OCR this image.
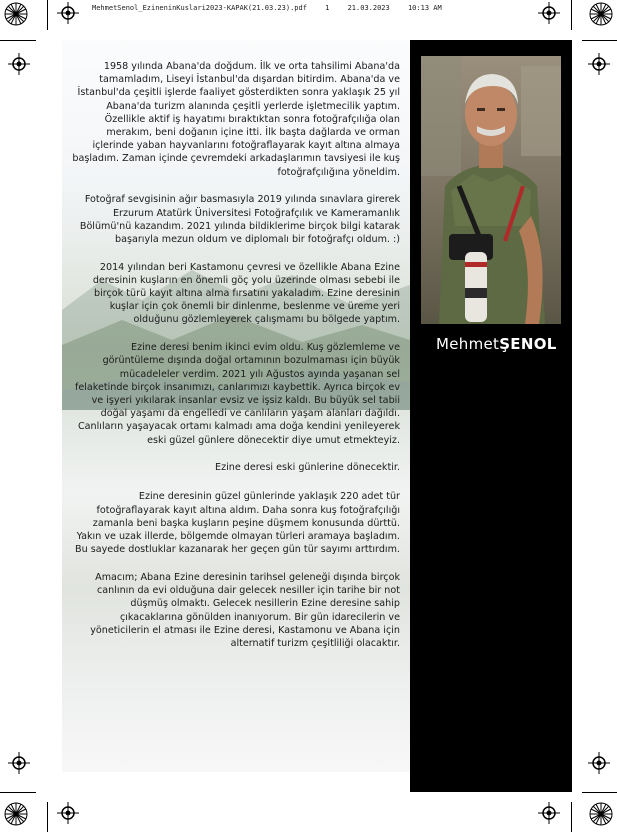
MehmetSenol_EzineninKuslari2023-KAPAK(21.03.23).pdf	1	21.03.2023	10:13 AM
MehmetŞENOL

1958 yılında Abana'da doğdum. İlk ve orta tahsilimi Abana'da tamamladım, Liseyi İstanbul'da dışardan bitirdim. Abana'da ve İstanbul'da çeşitli işlerde faaliyet gösterdikten sonra yaklaşık 25 yıl Abana'da turizm alanında çeşitli yerlerde işletmecilik yaptım. Özellikle aktif iş hayatımı bıraktıktan sonra fotoğrafçılığa olan merakım, beni doğanın içine itti. İlk başta dağlarda ve orman içlerinde yaban hayvanlarını fotoğraflayarak kayıt altına almaya başladım. Zaman içinde çevremdeki arkadaşlarımın tavsiyesi ile kuş fotoğrafçılığına yöneldim.

Fotoğraf sevgisinin ağır basmasıyla 2019 yılında sınavlara girerek Erzurum Atatürk Üniversitesi Fotoğrafçılık ve Kameramanlık Bölümü'nü kazandım. 2021 yılında bildiklerime birçok bilgi katarak başarıyla mezun oldum ve diplomalı bir fotoğrafçı oldum. :)

2014 yılından beri Kastamonu çevresi ve özellikle Abana Ezine deresinin kuşların en önemli göç yolu üzerinde olması sebebi ile birçok türü kayıt altına alma fırsatını yakaladım. Ezine deresinin kuşlar için çok önemli bir dinlenme, beslenme ve üreme yeri olduğunu gözlemleyerek çalışmamı bu bölgede yaptım.

Ezine deresi benim ikinci evim oldu. Kuş gözlemleme ve görüntüleme dışında doğal ortamının bozulmaması için büyük mücadeleler verdim. 2021 yılı Ağustos ayında yaşanan sel felaketinde birçok insanımızı, canlarımızı kaybettik. Ayrıca birçok ev ve işyeri yıkılarak insanlar evsiz ve işsiz kaldı. Bu büyük sel tabii doğal yaşamı da engelledi ve canlıların yaşam alanları dağıldı. Canlıların yaşayacak ortamı kalmadı ama doğa kendini yenileyerek eski güzel günlere dönecektir diye umut etmekteyiz.

Ezine deresi eski günlerine dönecektir.

Ezine deresinin güzel günlerinde yaklaşık 220 adet tür fotoğraflayarak kayıt altına aldım. Daha sonra kuş fotoğrafçılığı zamanla beni başka kuşların peşine düşmem konusunda dürttü. Yakın ve uzak illerde, bölgemde olmayan türleri aramaya başladım. Bu sayede dostluklar kazanarak her geçen gün tür sayımı arttırdım.

Amacım; Abana Ezine deresinin tarihsel geleneği dışında birçok canlının da evi olduğuna dair gelecek nesiller için tarihe bir not düşmüş olmaktı. Gelecek nesillerin Ezine deresine sahip çıkacaklarına gönülden inanıyorum. Bir gün idarecilerin ve yöneticilerin el atması ile Ezine deresi, Kastamonu ve Abana için alternatif turizm çeşitliliği olacaktır.
